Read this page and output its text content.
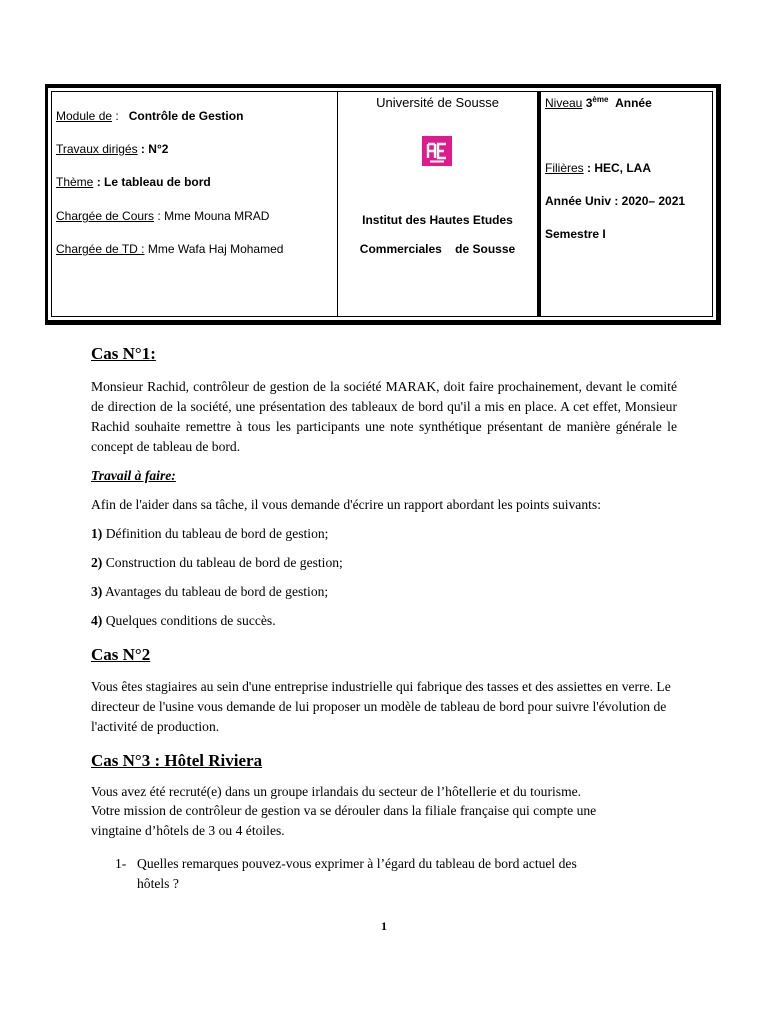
Module de : Contrôle de Gestion
Travaux dirigés : N°2
Thème : Le tableau de bord
Chargée de Cours : Mme Mouna MRAD
Chargée de TD : Mme Wafa Haj Mohamed
Université de Sousse
Institut des Hautes Etudes
Commerciales    de Sousse
Niveau 3ème Année
Filières : HEC, LAA
Année Univ : 2020– 2021
Semestre I
Cas N°1:
Monsieur Rachid, contrôleur de gestion de la société MARAK, doit faire prochainement, devant le comité de direction de la société, une présentation des tableaux de bord qu'il a mis en place. A cet effet, Monsieur Rachid souhaite remettre à tous les participants une note synthétique présentant de manière générale le concept de tableau de bord.
Travail à faire:
Afin de l'aider dans sa tâche, il vous demande d'écrire un rapport abordant les points suivants:
1) Définition du tableau de bord de gestion;
2) Construction du tableau de bord de gestion;
3) Avantages du tableau de bord de gestion;
4) Quelques conditions de succès.
Cas N°2
Vous êtes stagiaires au sein d'une entreprise industrielle qui fabrique des tasses et des assiettes en verre. Le directeur de l'usine vous demande de lui proposer un modèle de tableau de bord pour suivre l'évolution de l'activité de production.
Cas N°3 : Hôtel Riviera
Vous avez été recruté(e) dans un groupe irlandais du secteur de l’hôtellerie et du tourisme.
Votre mission de contrôleur de gestion va se dérouler dans la filiale française qui compte une
vingtaine d’hôtels de 3 ou 4 étoiles.
1- Quelles remarques pouvez-vous exprimer à l’égard du tableau de bord actuel des
hôtels ?
1
